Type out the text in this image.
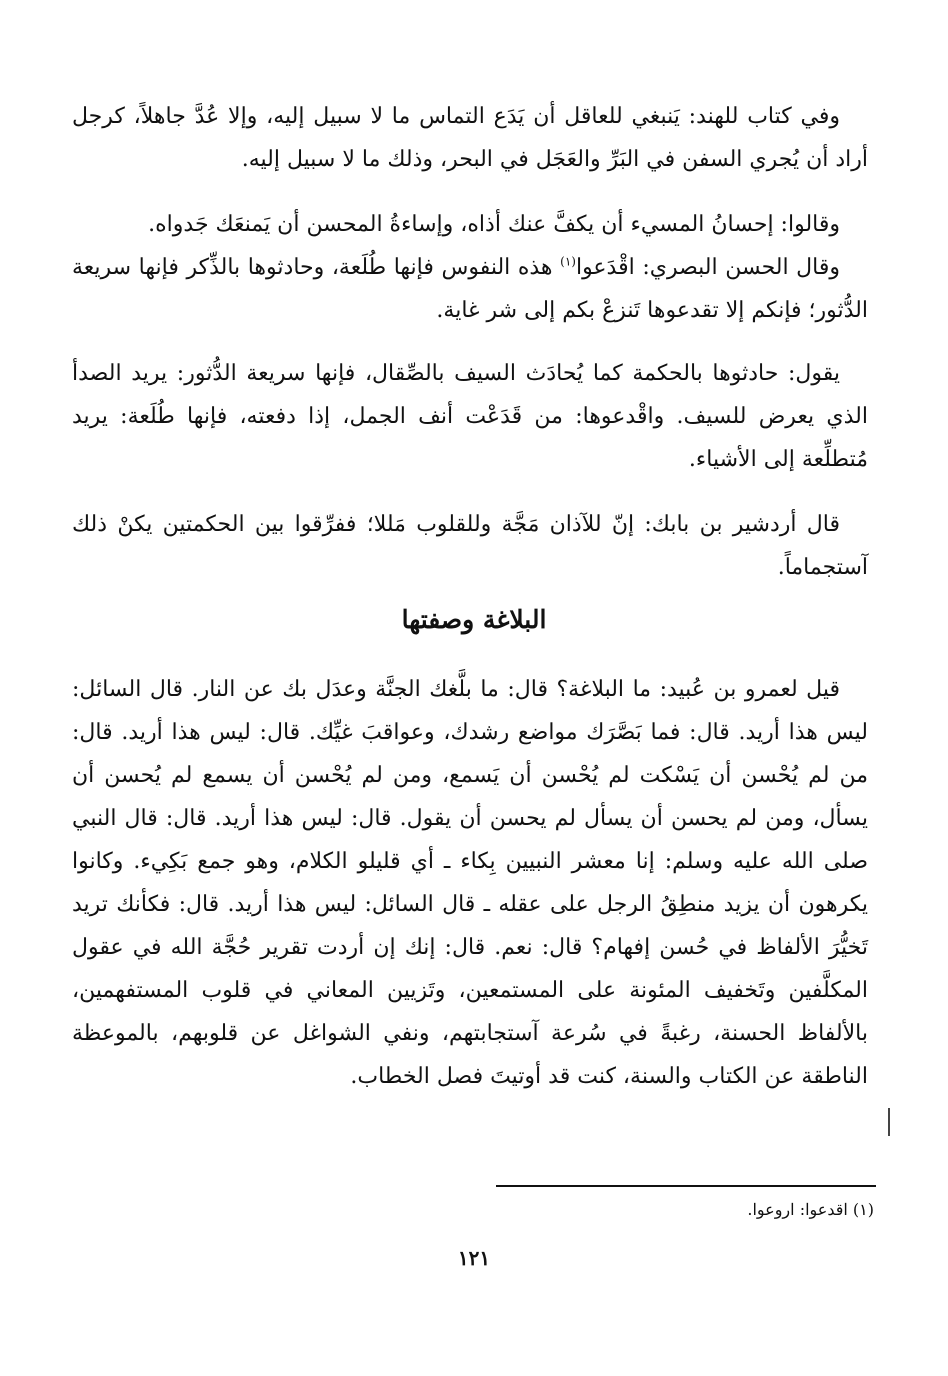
وفي كتاب للهند: يَنبغي للعاقل أن يَدَع التماس ما لا سبيل إليه، وإلا عُدَّ جاهلاً، كرجل أراد أن يُجري السفن في البَرِّ والعَجَل في البحر، وذلك ما لا سبيل إليه.

وقالوا: إحسانُ المسيء أن يكفَّ عنك أذاه، وإساءةُ المحسن أن يَمنعَك جَدواه.

وقال الحسن البصري: اقْدَعوا$^{(١)}$ هذه النفوس فإنها طُلَعة، وحادثوها بالذِّكر فإنها سريعة الدُّثور؛ فإنكم إلا تقدعوها تَنزعْ بكم إلى شر غاية.

يقول: حادثوها بالحكمة كما يُحادَث السيف بالصِّقال، فإنها سريعة الدُّثور: يريد الصدأ الذي يعرض للسيف. واقْدعوها: من قَدَعْت أنف الجمل، إذا دفعته، فإنها طُلَعة: يريد مُتطلِّعة إلى الأشياء.

قال أردشير بن بابك: إنّ للآذان مَجَّة وللقلوب مَللا؛ ففرِّقوا بين الحكمتين يكنْ ذلك آستجماماً.

البلاغة وصفتها

قيل لعمرو بن عُبيد: ما البلاغة؟ قال: ما بلَّغك الجنَّة وعدَل بك عن النار. قال السائل: ليس هذا أريد. قال: فما بَصَّرَك مواضع رشدك، وعواقبَ غيِّك. قال: ليس هذا أريد. قال: من لم يُحْسن أن يَسْكت لم يُحْسن أن يَسمع، ومن لم يُحْسن أن يسمع لم يُحسن أن يسأل، ومن لم يحسن أن يسأل لم يحسن أن يقول. قال: ليس هذا أريد. قال: قال النبي صلى الله عليه وسلم: إنا معشر النبيين بِكاء ـ أي قليلو الكلام، وهو جمع بَكِيء. وكانوا يكرهون أن يزيد منطِقُ الرجل على عقله ـ قال السائل: ليس هذا أريد. قال: فكأنك تريد تَخيُّرَ الألفاظ في حُسن إفهام؟ قال: نعم. قال: إنك إن أردت تقرير حُجَّة الله في عقول المكلَّفين وتَخفيف المئونة على المستمعين، وتَزيين المعاني في قلوب المستفهمين، بالألفاظ الحسنة، رغبةً في سُرعة آستجابتهم، ونفي الشواغل عن قلوبهم، بالموعظة الناطقة عن الكتاب والسنة، كنت قد أوتيتَ فصل الخطاب.

(١) اقدعوا: اروعوا.
١٢١
